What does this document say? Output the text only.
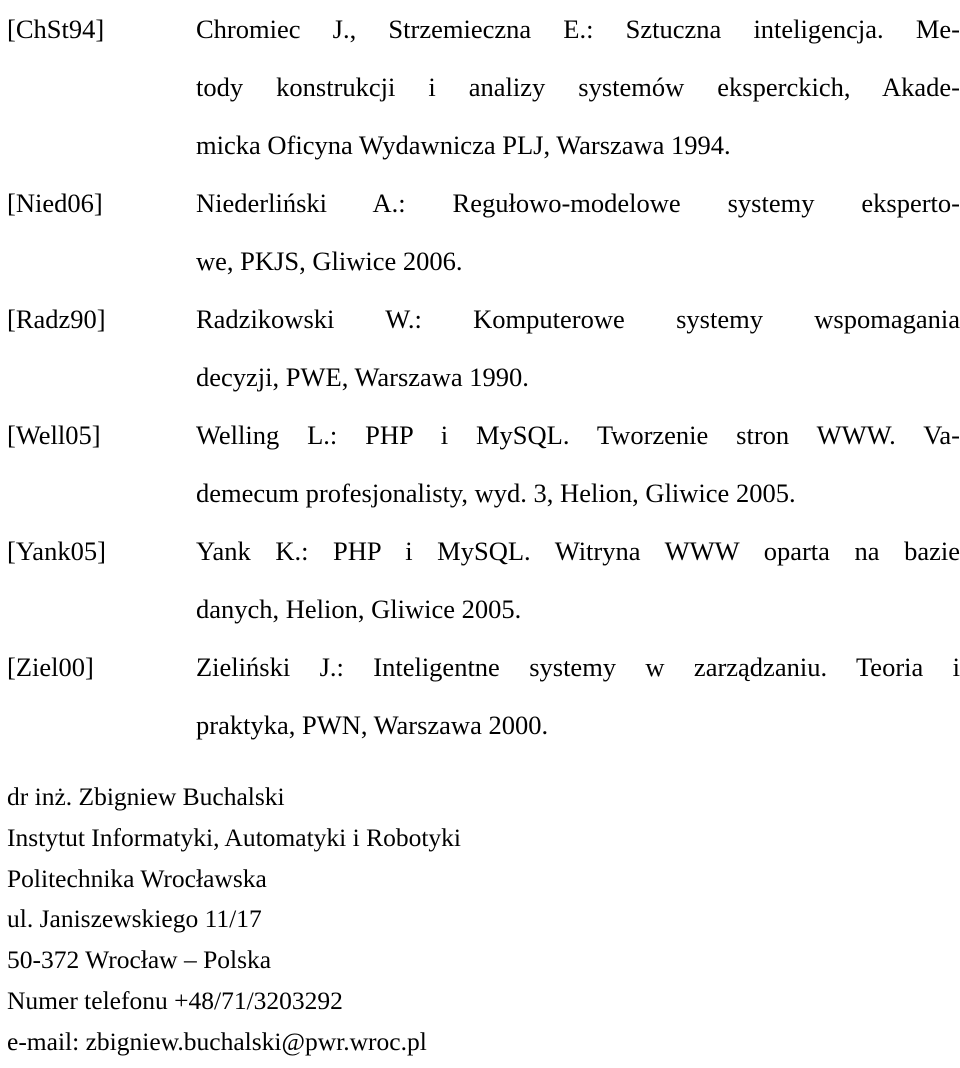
[ChSt94]	Chromiec J., Strzemieczna E.: Sztuczna inteligencja. Me-
tody konstrukcji i analizy systemów eksperckich, Akade-
micka Oficyna Wydawnicza PLJ, Warszawa 1994.
[Nied06]	Niederliński A.: Regułowo-modelowe systemy eksperto-
we, PKJS, Gliwice 2006.
[Radz90]	Radzikowski W.: Komputerowe systemy wspomagania
decyzji, PWE, Warszawa 1990.
[Well05]	Welling L.: PHP i MySQL. Tworzenie stron WWW. Va-
demecum profesjonalisty, wyd. 3, Helion, Gliwice 2005.
[Yank05]	Yank K.: PHP i MySQL. Witryna WWW oparta na bazie
danych, Helion, Gliwice 2005.
[Ziel00]	Zieliński J.: Inteligentne systemy w zarządzaniu. Teoria i
praktyka, PWN, Warszawa 2000.
dr inż. Zbigniew Buchalski
Instytut Informatyki, Automatyki i Robotyki
Politechnika Wrocławska
ul. Janiszewskiego 11/17
50-372 Wrocław – Polska
Numer telefonu +48/71/3203292
e-mail: zbigniew.buchalski@pwr.wroc.pl
